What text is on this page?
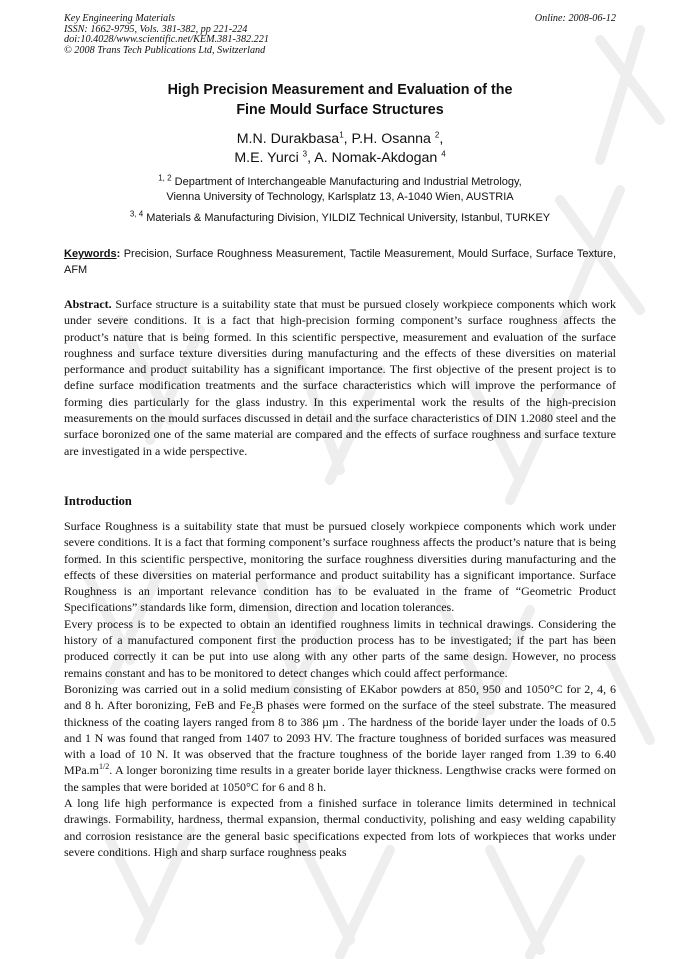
Key Engineering Materials
ISSN: 1662-9795, Vols. 381-382, pp 221-224
doi:10.4028/www.scientific.net/KEM.381-382.221
© 2008 Trans Tech Publications Ltd, Switzerland
Online: 2008-06-12
High Precision Measurement and Evaluation of the
Fine Mould Surface Structures
M.N. Durakbasa$^1$, P.H. Osanna $^2$,
M.E. Yurci $^3$, A. Nomak-Akdogan $^4$
$^{1, 2}$ Department of Interchangeable Manufacturing and Industrial Metrology,
Vienna University of Technology, Karlsplatz 13, A-1040 Wien, AUSTRIA
$^{3, 4}$ Materials & Manufacturing Division, YILDIZ Technical University, Istanbul, TURKEY
Keywords: Precision, Surface Roughness Measurement, Tactile Measurement, Mould Surface, Surface Texture, AFM
Abstract. Surface structure is a suitability state that must be pursued closely workpiece components which work under severe conditions. It is a fact that high-precision forming component’s surface roughness affects the product’s nature that is being formed. In this scientific perspective, measurement and evaluation of the surface roughness and surface texture diversities during manufacturing and the effects of these diversities on material performance and product suitability has a significant importance. The first objective of the present project is to define surface modification treatments and the surface characteristics which will improve the performance of forming dies particularly for the glass industry. In this experimental work the results of the high-precision measurements on the mould surfaces discussed in detail and the surface characteristics of DIN 1.2080 steel and the surface boronized one of the same material are compared and the effects of surface roughness and surface texture are investigated in a wide perspective.
Introduction

Surface Roughness is a suitability state that must be pursued closely workpiece components which work under severe conditions. It is a fact that forming component’s surface roughness affects the product’s nature that is being formed. In this scientific perspective, monitoring the surface roughness diversities during manufacturing and the effects of these diversities on material performance and product suitability has a significant importance. Surface Roughness is an important relevance condition has to be evaluated in the frame of “Geometric Product Specifications” standards like form, dimension, direction and location tolerances.

Every process is to be expected to obtain an identified roughness limits in technical drawings. Considering the history of a manufactured component first the production process has to be investigated; if the part has been produced correctly it can be put into use along with any other parts of the same design. However, no process remains constant and has to be monitored to detect changes which could affect performance.

Boronizing was carried out in a solid medium consisting of EKabor powders at 850, 950 and 1050°C for 2, 4, 6 and 8 h. After boronizing, FeB and $Fe_2B$ phases were formed on the surface of the steel substrate. The measured thickness of the coating layers ranged from 8 to 386 µm . The hardness of the boride layer under the loads of 0.5 and 1 N was found that ranged from 1407 to 2093 HV. The fracture toughness of borided surfaces was measured with a load of 10 N. It was observed that the fracture toughness of the boride layer ranged from 1.39 to 6.40 $MPa.m^{1/2}$. A longer boronizing time results in a greater boride layer thickness. Lengthwise cracks were formed on the samples that were borided at 1050°C for 6 and 8 h.

A long life high performance is expected from a finished surface in tolerance limits determined in technical drawings. Formability, hardness, thermal expansion, thermal conductivity, polishing and easy welding capability and corrosion resistance are the general basic specifications expected from lots of workpieces that works under severe conditions. High and sharp surface roughness peaks
